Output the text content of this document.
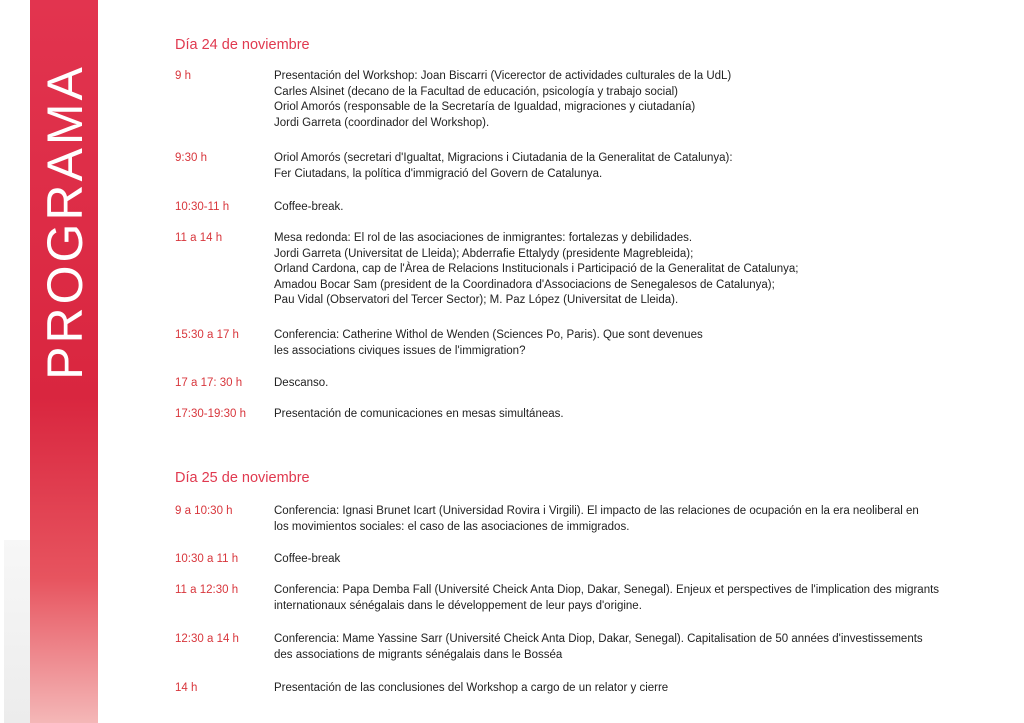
PROGRAMA
Día 24 de noviembre
9 h	Presentación del Workshop: Joan Biscarri (Vicerector de actividades culturales de la UdL)
Carles Alsinet (decano de la Facultad de educación, psicología y trabajo social)
Oriol Amorós (responsable de la Secretaría de Igualdad, migraciones y ciutadanía)
Jordi Garreta (coordinador del Workshop).
9:30 h	Oriol Amorós (secretari d'Igualtat, Migracions i Ciutadania de la Generalitat de Catalunya):
Fer Ciutadans, la política d'immigració del Govern de Catalunya.
10:30-11 h	Coffee-break.
11 a 14 h	Mesa redonda: El rol de las asociaciones de inmigrantes: fortalezas y debilidades.
Jordi Garreta (Universitat de Lleida); Abderrafie Ettalydy (presidente Magrebleida);
Orland Cardona, cap de l'Àrea de Relacions Institucionals i Participació de la Generalitat de Catalunya;
Amadou Bocar Sam (president de la Coordinadora d'Associacions de Senegalesos de Catalunya);
Pau Vidal (Observatori del Tercer Sector); M. Paz López (Universitat de Lleida).
15:30 a 17 h	Conferencia: Catherine Withol de Wenden (Sciences Po, Paris). Que sont devenues
les associations civiques issues de l'immigration?
17 a 17: 30 h	Descanso.
17:30-19:30 h	Presentación de comunicaciones en mesas simultáneas.
Día 25 de noviembre
9 a 10:30 h	Conferencia: Ignasi Brunet Icart (Universidad Rovira i Virgili). El impacto de las relaciones de ocupación en la era neoliberal en
los movimientos sociales: el caso de las asociaciones de immigrados.
10:30 a 11 h	Coffee-break
11 a 12:30 h	Conferencia: Papa Demba Fall (Université Cheick Anta Diop, Dakar, Senegal). Enjeux et perspectives de l'implication des migrants
internationaux sénégalais dans le développement de leur pays d'origine.
12:30 a 14 h	Conferencia: Mame Yassine Sarr (Université Cheick Anta Diop, Dakar, Senegal). Capitalisation de 50 années d'investissements
des associations de migrants sénégalais dans le Bosséa
14 h	Presentación de las conclusiones del Workshop a cargo de un relator y cierre
